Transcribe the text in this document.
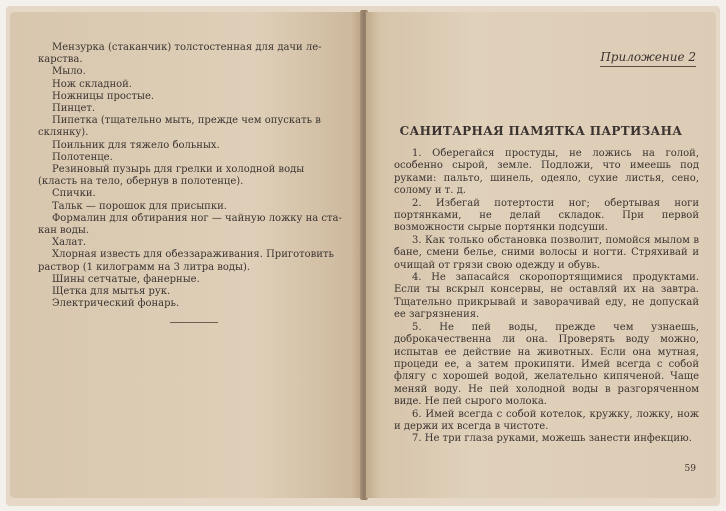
Мензурка (стаканчик) толстостенная для дачи ле-
карства.
Мыло.
Нож складной.
Ножницы простые.
Пинцет.
Пипетка (тщательно мыть, прежде чем опускать в
склянку).
Поильник для тяжело больных.
Полотенце.
Резиновый пузырь для грелки и холодной воды
(класть на тело, обернув в полотенце).
Спички.
Тальк — порошок для присыпки.
Формалин для обтирания ног — чайную ложку на ста-
кан воды.
Халат.
Хлорная известь для обеззараживания. Приготовить
раствор (1 килограмм на 3 литра воды).
Шины сетчатые, фанерные.
Щетка для мытья рук.
Электрический фонарь.
Приложение 2
САНИТАРНАЯ ПАМЯТКА ПАРТИЗАНА

1. Оберегайся простуды, не ложись на голой, особенно сырой, земле. Подложи, что имеешь под руками: пальто, шинель, одеяло, сухие листья, сено, солому и т. д.

2. Избегай потертости ног; обертывая ноги портянками, не делай складок. При первой возможности сырые портянки подсуши.

3. Как только обстановка позволит, помойся мылом в бане, смени белье, сними волосы и ногти. Стряхивай и очищай от грязи свою одежду и обувь.

4. Не запасайся скоропортящимися продуктами. Если ты вскрыл консервы, не оставляй их на завтра. Тщательно прикрывай и заворачивай еду, не допускай ее загрязнения.

5. Не пей воды, прежде чем узнаешь, доброкачественна ли она. Проверять воду можно, испытав ее действие на животных. Если она мутная, процеди ее, а затем прокипяти. Имей всегда с собой флягу с хорошей водой, желательно кипяченой. Чаще меняй воду. Не пей холодной воды в разгоряченном виде. Не пей сырого молока.

6. Имей всегда с собой котелок, кружку, ложку, нож и держи их всегда в чистоте.

7. Не три глаза руками, можешь занести инфекцию.

59
